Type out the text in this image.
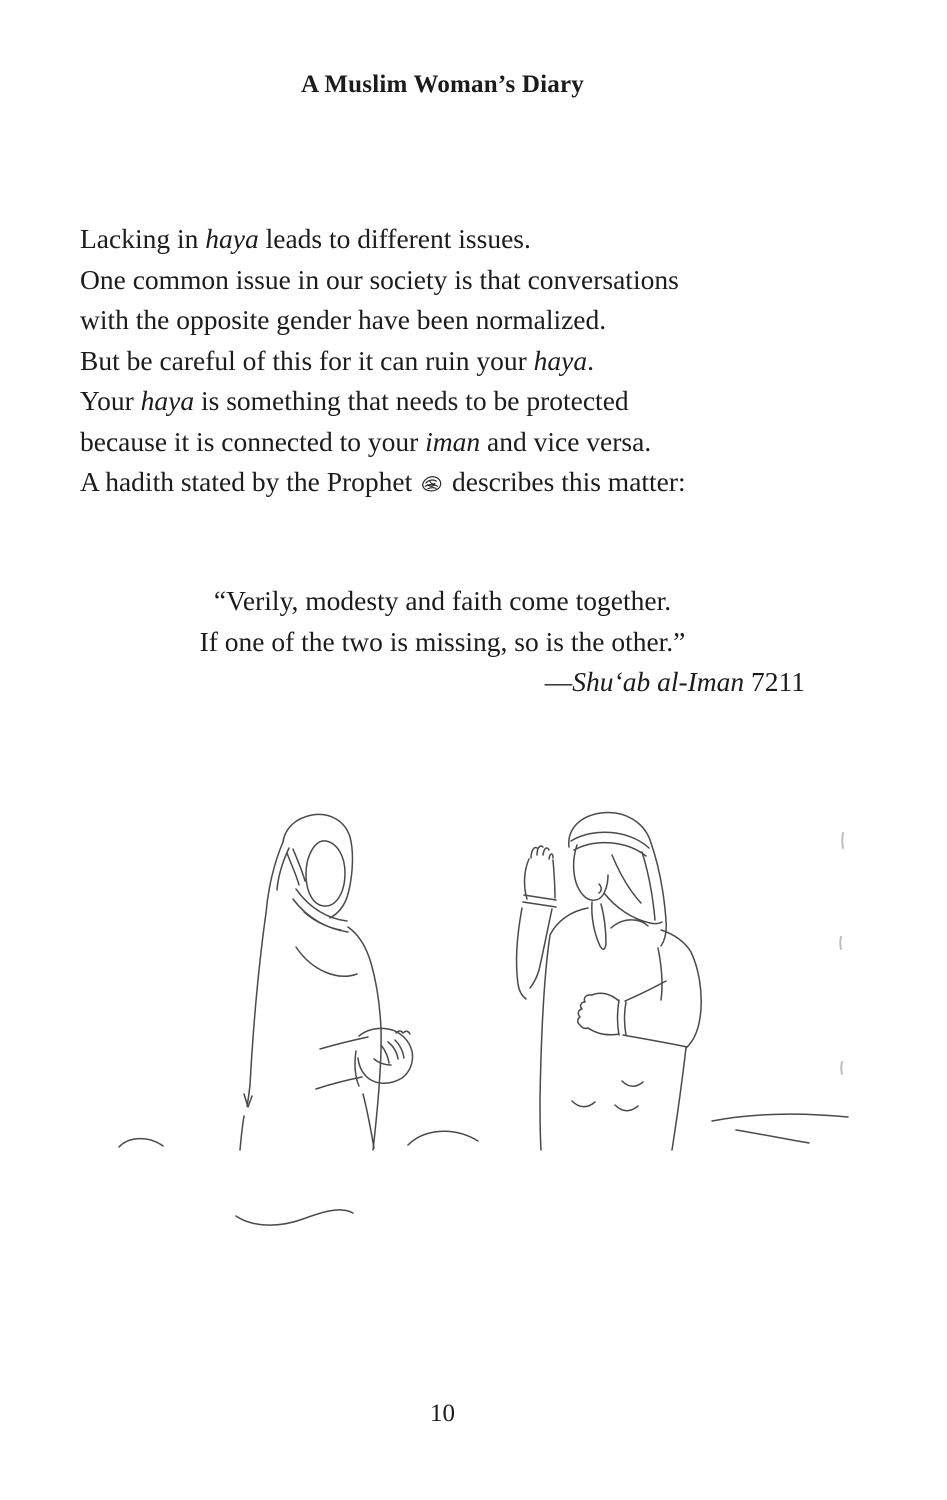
A Muslim Woman’s Diary
Lacking in haya leads to different issues.
One common issue in our society is that conversations
with the opposite gender have been normalized.
But be careful of this for it can ruin your haya.
Your haya is something that needs to be protected
because it is connected to your iman and vice versa.
A hadith stated by the Prophet  describes this matter:
“Verily, modesty and faith come together.
If one of the two is missing, so is the other.”
—Shu‘ab al-Iman 7211
10
